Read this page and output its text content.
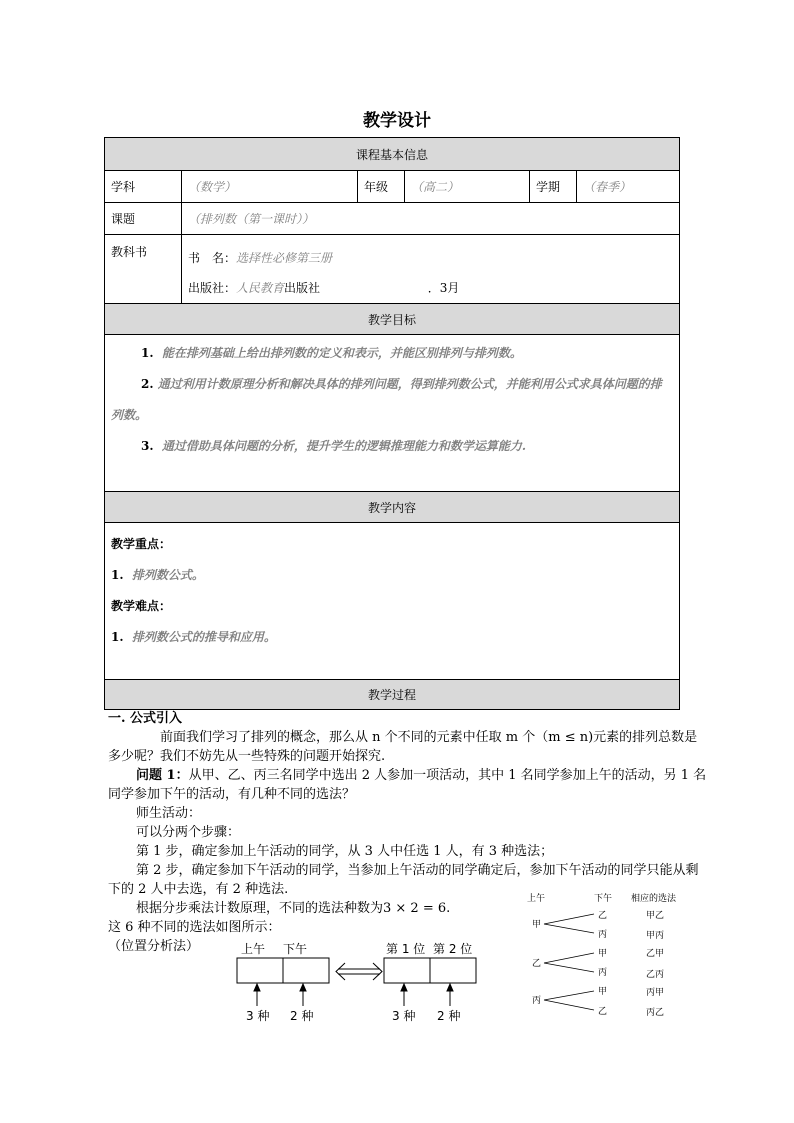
教学设计
课程基本信息					
学科	（数学）	年级	（高二）	学期	（春季）
课题	（排列数（第一课时））				
教科书	书　名：选择性必修第三册
出版社：人民教育出版社 ．3月				

教学目标					

1. 能在排列基础上给出排列数的定义和表示，并能区别排列与排列数。
2. 通过利用计数原理分析和解决具体的排列问题，得到排列数公式，并能利用公式求具体问题的排列数。
3. 通过借助具体问题的分析，提升学生的逻辑推理能力和数学运算能力.					

教学内容					

教学重点：

1. 排列数公式。

教学难点：

1. 排列数公式的推导和应用。					

教学过程					

一. 公式引入

　　前面我们学习了排列的概念，那么从 n 个不同的元素中任取 m 个（m ≤ n)元素的排列总数是多少呢？我们不妨先从一些特殊的问题开始探究.

问题 1：从甲、乙、丙三名同学中选出 2 人参加一项活动，其中 1 名同学参加上午的活动，另 1 名同学参加下午的活动，有几种不同的选法？

师生活动：

可以分两个步骤：

第 1 步，确定参加上午活动的同学，从 3 人中任选 1 人，有 3 种选法；

第 2 步，确定参加下午活动的同学，当参加上午活动的同学确定后，参加下午活动的同学只能从剩下的 2 人中去选，有 2 种选法.

根据分步乘法计数原理，不同的选法种数为3 × 2 = 6.

这 6 种不同的选法如图所示：

（位置分析法）	上午 下午	第 1 位 第 2 位
3 种 2 种	3 种 2 种
上午	下午 相应的选法
甲
乙
丙
甲乙
甲丙
乙
甲
丙
乙甲
乙丙
丙
甲
乙
丙甲
丙乙
